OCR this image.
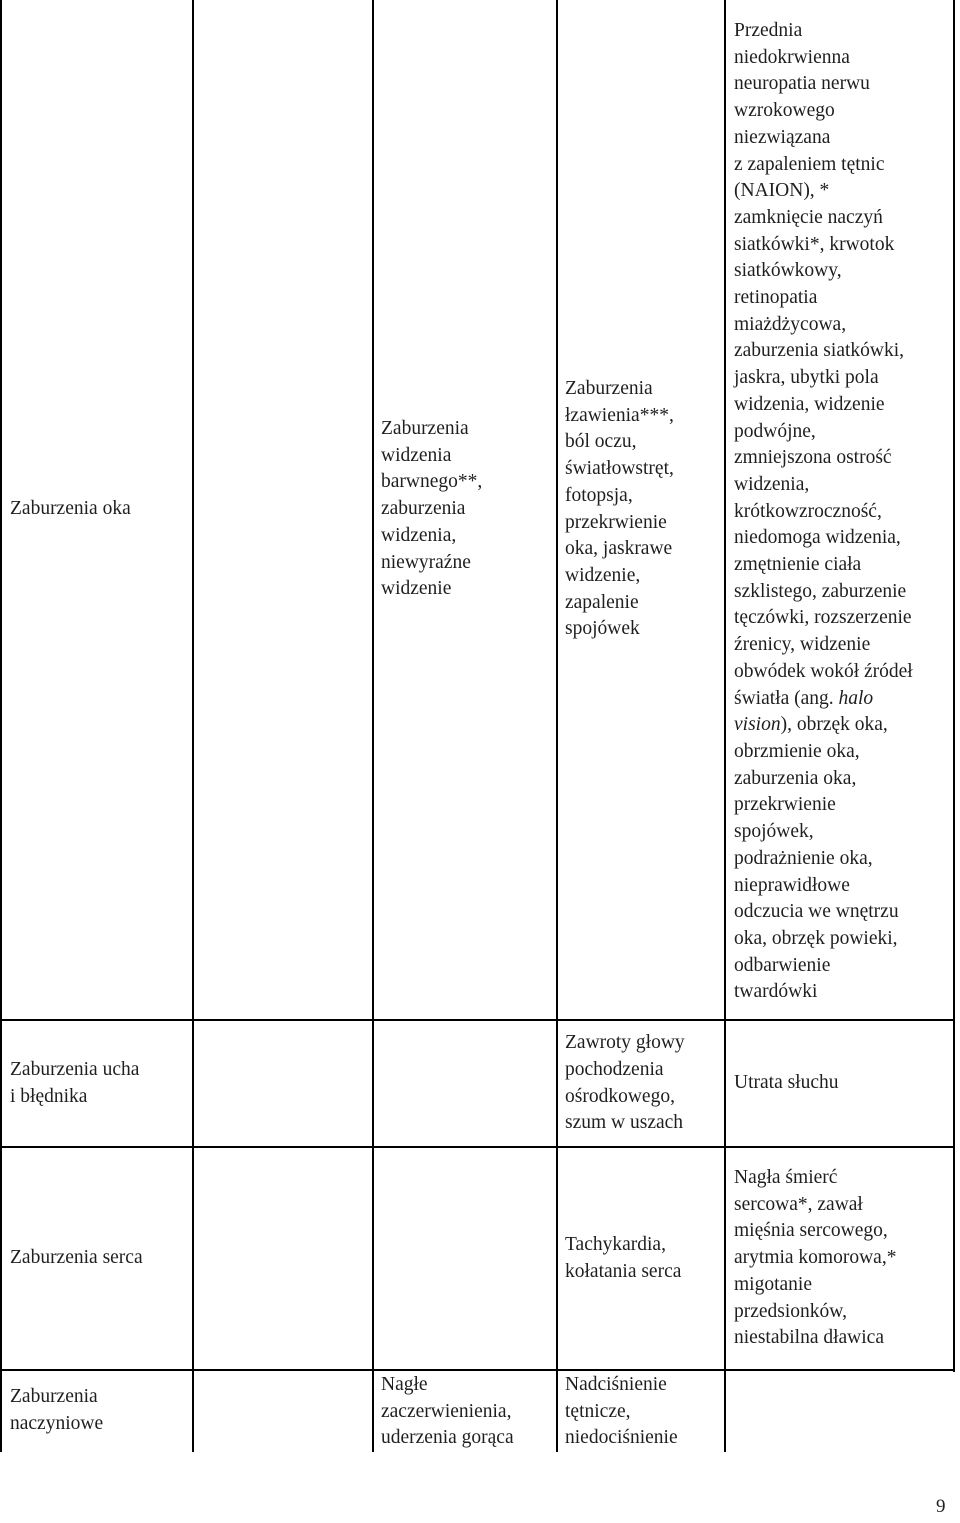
Zaburzenia oka
Zaburzenia
widzenia
barwnego**,
zaburzenia
widzenia,
niewyraźne
widzenie
Zaburzenia
łzawienia***,
ból oczu,
światłowstręt,
fotopsja,
przekrwienie
oka, jaskrawe
widzenie,
zapalenie
spojówek
Przednia
niedokrwienna
neuropatia nerwu
wzrokowego
niezwiązana
z zapaleniem tętnic
(NAION), *
zamknięcie naczyń
siatkówki*, krwotok
siatkówkowy,
retinopatia
miażdżycowa,
zaburzenia siatkówki,
jaskra, ubytki pola
widzenia, widzenie
podwójne,
zmniejszona ostrość
widzenia,
krótkowzroczność,
niedomoga widzenia,
zmętnienie ciała
szklistego, zaburzenie
tęczówki, rozszerzenie
źrenicy, widzenie
obwódek wokół źródeł
światła (ang. halo
vision), obrzęk oka,
obrzmienie oka,
zaburzenia oka,
przekrwienie
spojówek,
podrażnienie oka,
nieprawidłowe
odczucia we wnętrzu
oka, obrzęk powieki,
odbarwienie
twardówki
Zaburzenia ucha
i błędnika
Zawroty głowy
pochodzenia
ośrodkowego,
szum w uszach
Utrata słuchu
Zaburzenia serca
Tachykardia,
kołatania serca
Nagła śmierć
sercowa*, zawał
mięśnia sercowego,
arytmia komorowa,*
migotanie
przedsionków,
niestabilna dławica
Zaburzenia
naczyniowe
Nagłe
zaczerwienienia,
uderzenia gorąca
Nadciśnienie
tętnicze,
niedociśnienie
9
